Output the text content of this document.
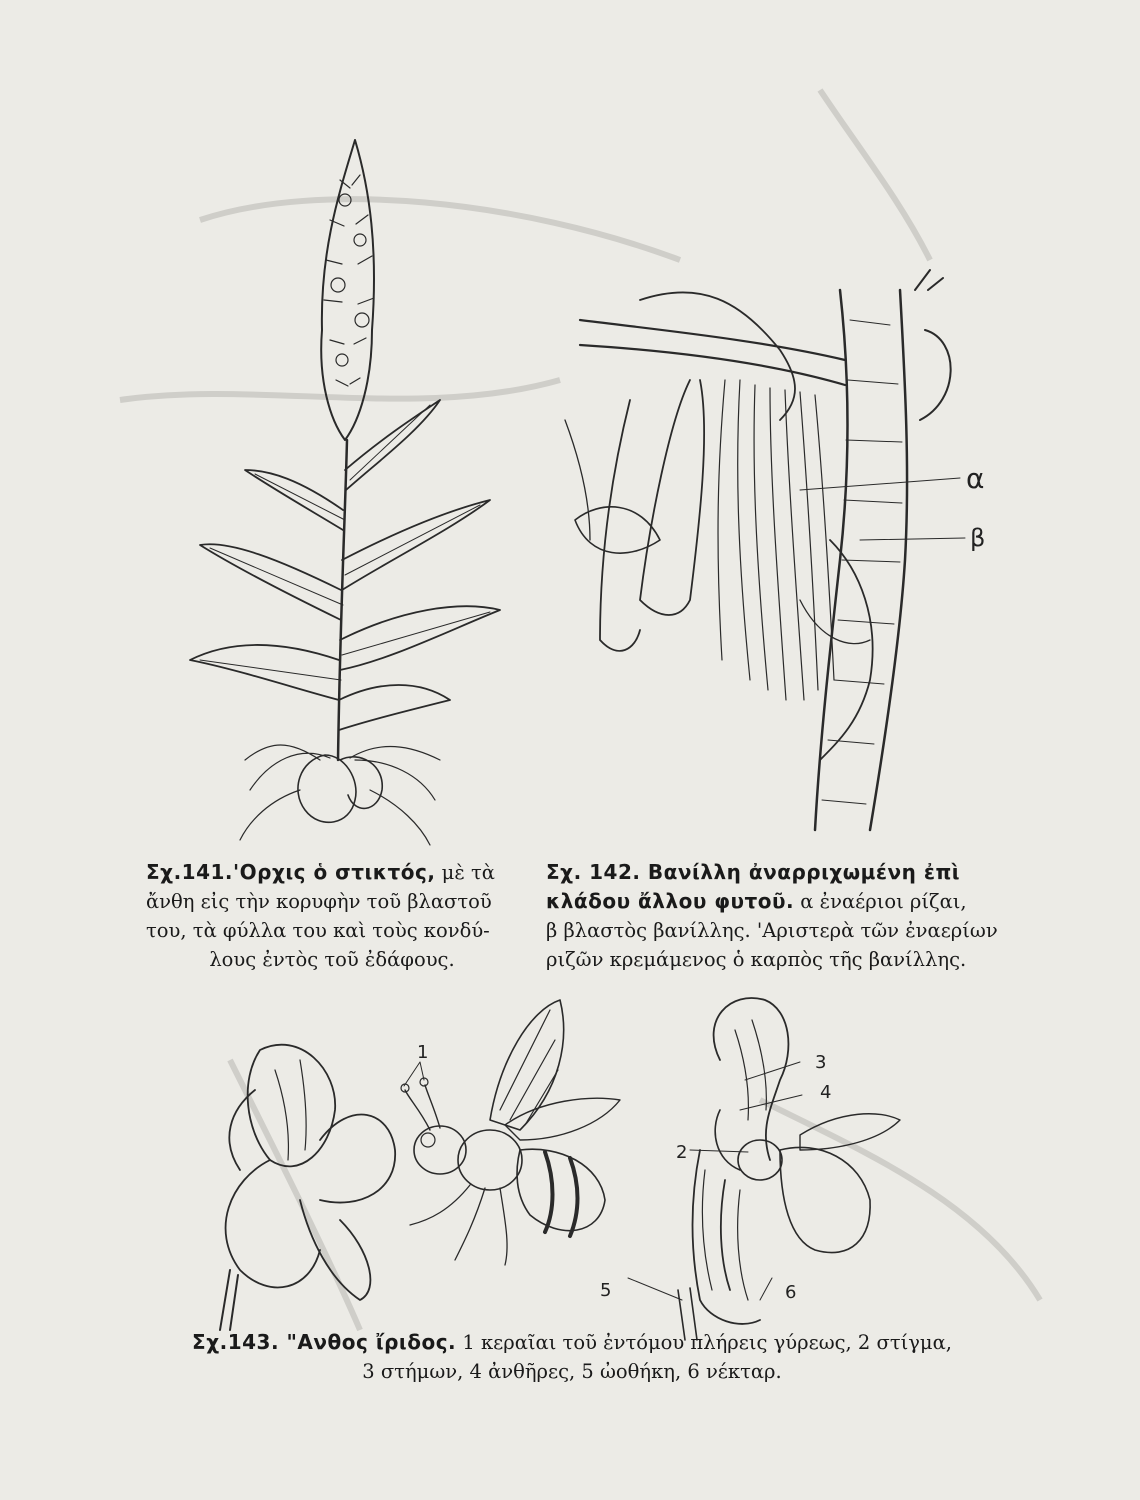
α
β
1	3
4
2
5	6
Σχ.141.'Ορχις ὁ στικτός, μὲ τὰ
ἄνθη εἰς τὴν κορυφὴν τοῦ βλαστοῦ
του, τὰ φύλλα του καὶ τοὺς κονδύ-
λους ἐντὸς τοῦ ἐδάφους.
Σχ. 142. Βανίλλη ἀναρριχωμένη ἐπὶ
κλάδου ἄλλου φυτοῦ. α ἐναέριοι ρίζαι,
β βλαστὸς βανίλλης. 'Αριστερὰ τῶν ἐναερίων
ριζῶν κρεμάμενος ὁ καρπὸς τῆς βανίλλης.
Σχ.143. "Ανθος ἴριδος. 1 κεραῖαι τοῦ ἐντόμου πλήρεις γύρεως, 2 στίγμα,
3 στήμων, 4 ἀνθῆρες, 5 ὠοθήκη, 6 νέκταρ.
